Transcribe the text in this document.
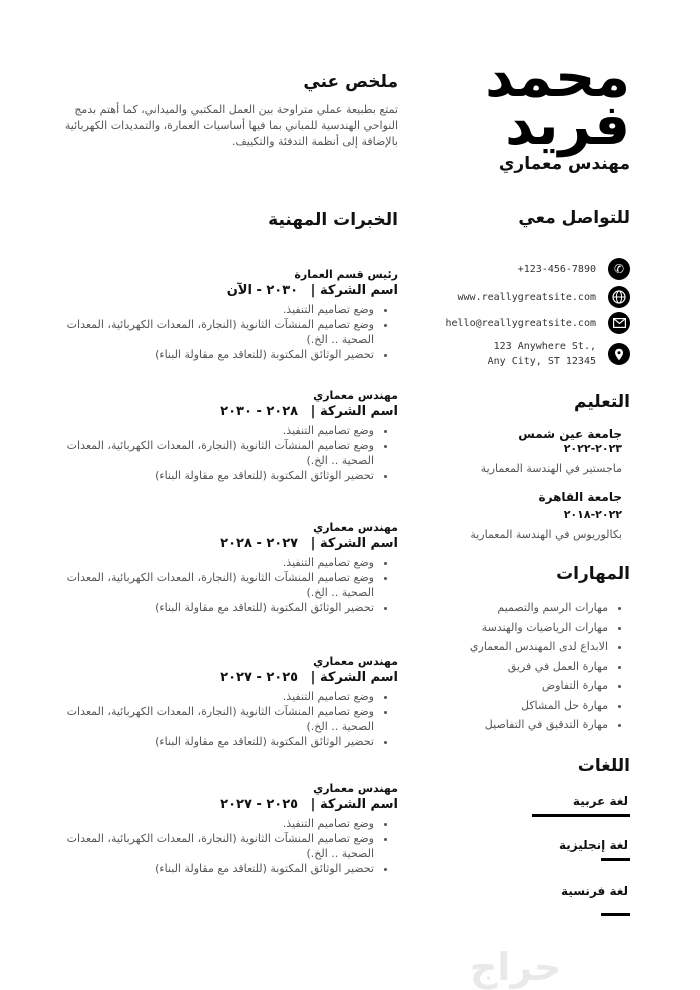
محمد
فريد
مهندس معماري
للتواصل معي
✆
+123-456-7890
www.reallygreatsite.com
hello@reallygreatsite.com
123 Anywhere St.,
Any City, ST 12345
التعليم
جامعة عين شمس
٢٠٢٣-٢٠٢٢
ماجستير في الهندسة المعمارية
جامعة القاهرة
٢٠٢٢-٢٠١٨
بكالوريوس في الهندسة المعمارية
المهارات
• مهارات الرسم والتصميم
• مهارات الرياضيات والهندسة
• الابداع لدى المهندس المعماري
• مهارة العمل في فريق
• مهارة التفاوض
• مهارة حل المشاكل
• مهارة التدقيق في التفاصيل
اللغات
لغة عربية
لغة إنجليزية
لغة فرنسية
ملخص عني
تمتع بطبيعة عملي متراوحة بين العمل المكتبي والميداني، كما أهتم بدمج النواحي الهندسية للمباني بما فيها أساسيات العمارة، والتمديدات الكهربائية بالإضافة إلى أنظمة التدفئة والتكييف.
الخبرات المهنية
رئيس قسم العمارة
اسم الشركة | ٢٠٣٠ - الآن
• وضع تصاميم التنفيذ.
• وضع تصاميم المنشآت الثانوية (النجارة، المعدات الكهربائية، المعدات الصحية .. الخ.)
• تحضير الوثائق المكتوبة (للتعاقد مع مقاولة البناء)
مهندس معماري
اسم الشركة | ٢٠٢٨ - ٢٠٣٠
• وضع تصاميم التنفيذ.
• وضع تصاميم المنشآت الثانوية (النجارة، المعدات الكهربائية، المعدات الصحية .. الخ.)
• تحضير الوثائق المكتوبة (للتعاقد مع مقاولة البناء)
مهندس معماري
اسم الشركة | ٢٠٢٧ - ٢٠٢٨
• وضع تصاميم التنفيذ.
• وضع تصاميم المنشآت الثانوية (النجارة، المعدات الكهربائية، المعدات الصحية .. الخ.)
• تحضير الوثائق المكتوبة (للتعاقد مع مقاولة البناء)
مهندس معماري
اسم الشركة | ٢٠٢٥ - ٢٠٢٧
• وضع تصاميم التنفيذ.
• وضع تصاميم المنشآت الثانوية (النجارة، المعدات الكهربائية، المعدات الصحية .. الخ.)
• تحضير الوثائق المكتوبة (للتعاقد مع مقاولة البناء)
مهندس معماري
اسم الشركة | ٢٠٢٥ - ٢٠٢٧
• وضع تصاميم التنفيذ.
• وضع تصاميم المنشآت الثانوية (النجارة، المعدات الكهربائية، المعدات الصحية .. الخ.)
• تحضير الوثائق المكتوبة (للتعاقد مع مقاولة البناء)
حراج
